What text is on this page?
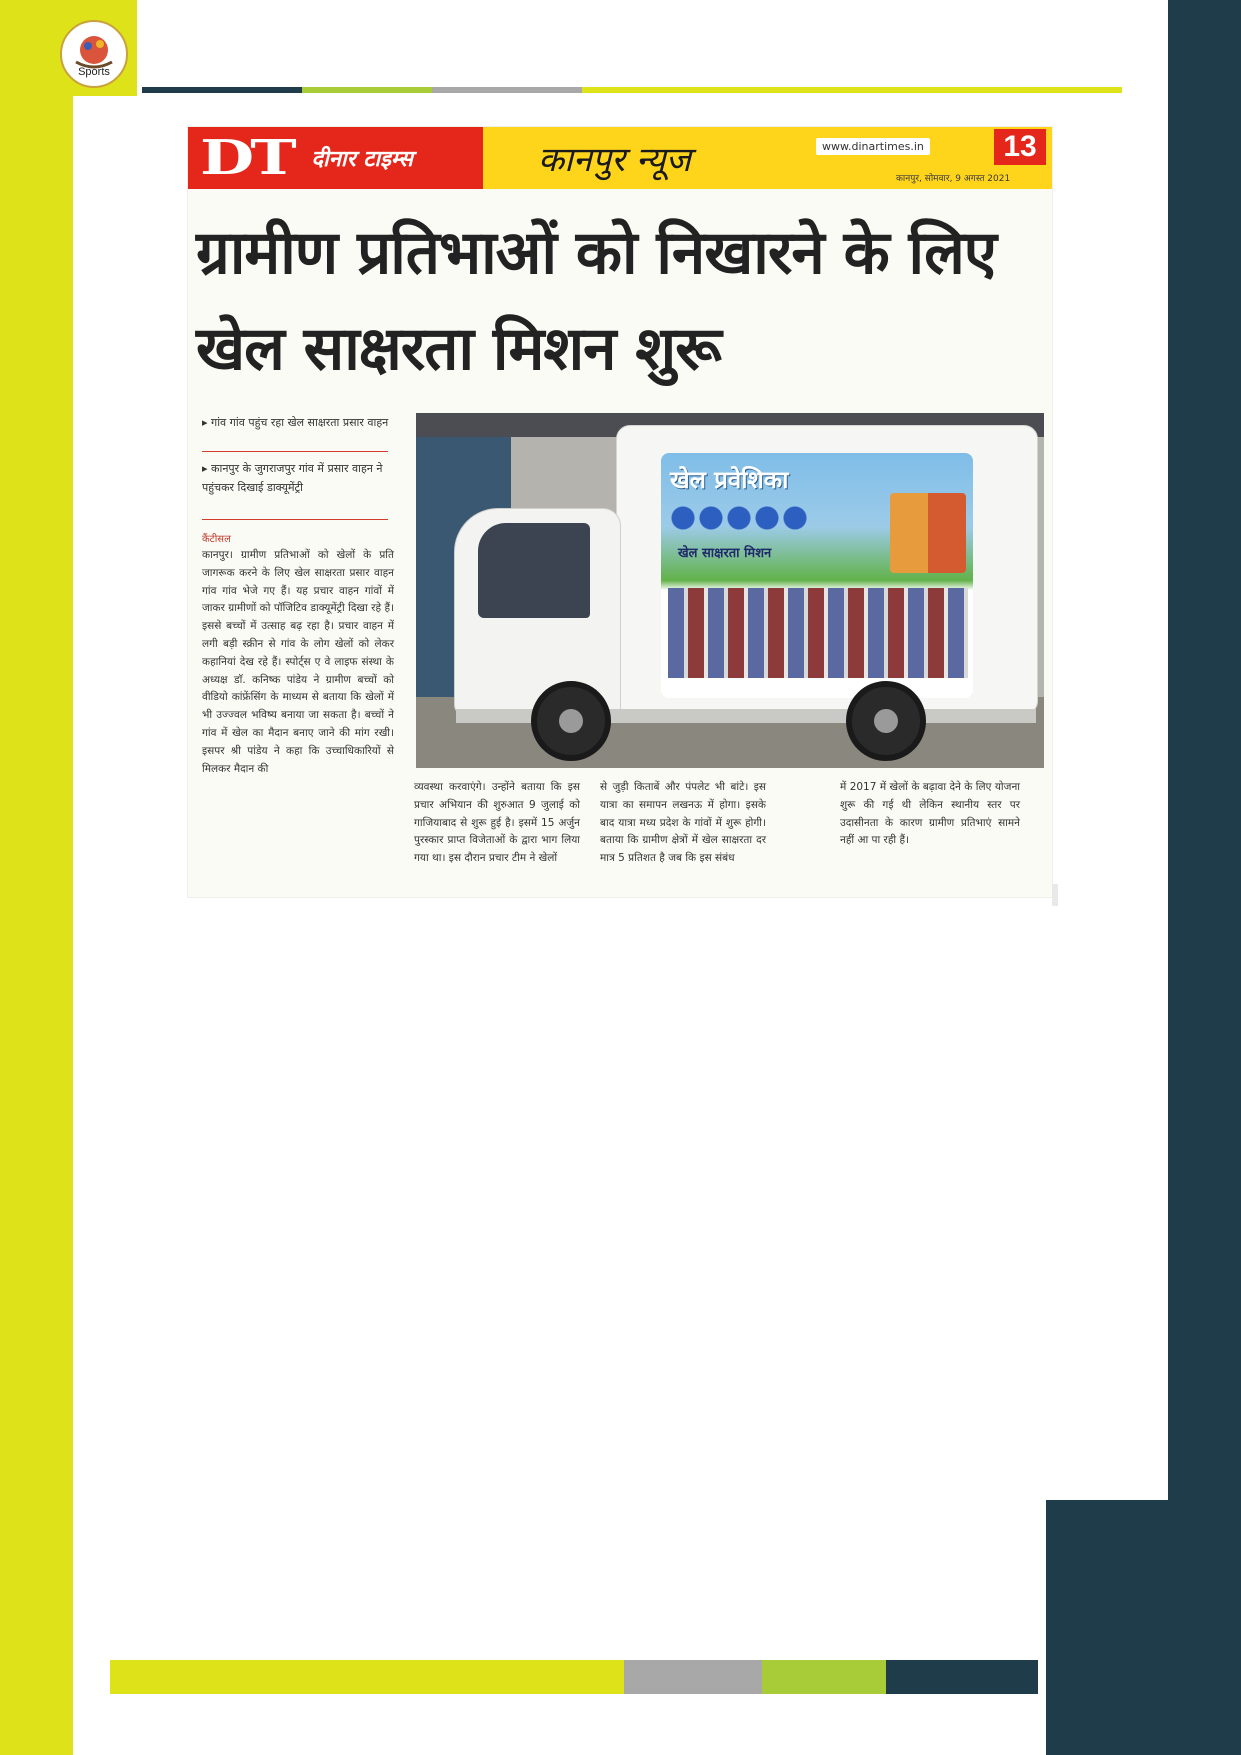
Sports
DT दीनार टाइम्स	कानपुर न्यूज	www.dinartimes.in	13
कानपुर, सोमवार, 9 अगस्त 2021
ग्रामीण प्रतिभाओं को निखारने के लिए खेल साक्षरता मिशन शुरू
▸ गांव गांव पहुंच रहा खेल साक्षरता प्रसार वाहन
▸ कानपुर के जुगराजपुर गांव में प्रसार वाहन ने पहुंचकर दिखाई डाक्यूमेंट्री
कैंटीसल
कानपुर। ग्रामीण प्रतिभाओं को खेलों के प्रति जागरूक करने के लिए खेल साक्षरता प्रसार वाहन गांव गांव भेजे गए हैं। यह प्रचार वाहन गांवों में जाकर ग्रामीणों को पॉजिटिव डाक्यूमेंट्री दिखा रहे हैं। इससे बच्चों में उत्साह बढ़ रहा है। प्रचार वाहन में लगी बड़ी स्क्रीन से गांव के लोग खेलों को लेकर कहानियां देख रहे हैं। स्पोर्ट्स ए वे लाइफ संस्था के अध्यक्ष डाॅ. कनिष्क पांडेय ने ग्रामीण बच्चों को वीडियो कांफ्रेंसिंग के माध्यम से बताया कि खेलों में भी उज्ज्वल भविष्य बनाया जा सकता है। बच्चों ने गांव में खेल का मैदान बनाए जाने की मांग रखी। इसपर श्री पांडेय ने कहा कि उच्चाधिकारियों से मिलकर मैदान की
खेल प्रवेशिका
खेल साक्षरता मिशन
व्यवस्था करवाएंगे। उन्होंने बताया कि इस प्रचार अभियान की शुरुआत 9 जुलाई को गाजियाबाद से शुरू हुई है। इसमें 15 अर्जुन पुरस्कार प्राप्त विजेताओं के द्वारा भाग लिया गया था। इस दौरान प्रचार टीम ने खेलों
से जुड़ी किताबें और पंपलेट भी बांटे। इस यात्रा का समापन लखनऊ में होगा। इसके बाद यात्रा मध्य प्रदेश के गांवों में शुरू होगी। बताया कि ग्रामीण क्षेत्रों में खेल साक्षरता दर मात्र 5 प्रतिशत है जब कि इस संबंध
में 2017 में खेलों के बढ़ावा देने के लिए योजना शुरू की गई थी लेकिन स्थानीय स्तर पर उदासीनता के कारण ग्रामीण प्रतिभाएं सामने नहीं आ पा रही हैं।
